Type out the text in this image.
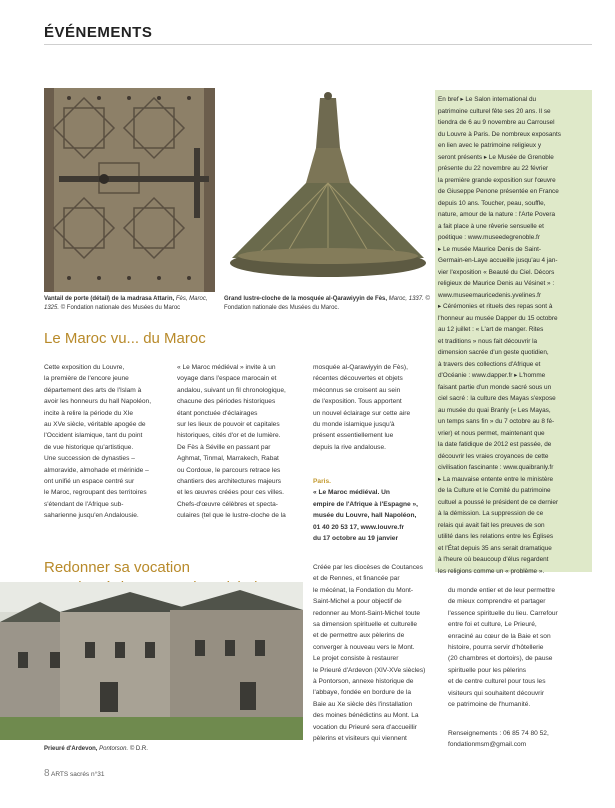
ÉVÉNEMENTS
Vantail de porte (détail) de la madrasa Attarin, Fès, Maroc, 1325. © Fondation nationale des Musées du Maroc
Grand lustre-cloche de la mosquée al-Qarawiyyin de Fès, Maroc, 1337. © Fondation nationale des Musées du Maroc.
Le Maroc vu... du Maroc
Cette exposition du Louvre,
la première de l'encore jeune
département des arts de l'Islam à
avoir les honneurs du hall Napoléon,
incite à relire la période du XIe
au XVe siècle, véritable apogée de
l'Occident islamique, tant du point
de vue historique qu'artistique.
Une succession de dynasties –
almoravide, almohade et mérinide –
ont unifié un espace centré sur
le Maroc, regroupant des territoires
s'étendant de l'Afrique sub-
saharienne jusqu'en Andalousie.
« Le Maroc médiéval » invite à un
voyage dans l'espace marocain et
andalou, suivant un fil chronologique,
chacune des périodes historiques
étant ponctuée d'éclairages
sur les lieux de pouvoir et capitales
historiques, cités d'or et de lumière.
De Fès à Séville en passant par
Aghmat, Tinmal, Marrakech, Rabat
ou Cordoue, le parcours retrace les
chantiers des architectures majeurs
et les œuvres créées pour ces villes.
Chefs-d'œuvre célèbres et specta-
culaires (tel que le lustre-cloche de la
mosquée al-Qarawiyyin de Fès),
récentes découvertes et objets
méconnus se croisent au sein
de l'exposition. Tous apportent
un nouvel éclairage sur cette aire
du monde islamique jusqu'à
présent essentiellement lue
depuis la rive andalouse.
Paris.
« Le Maroc médiéval. Un
empire de l'Afrique à l'Espagne »,
musée du Louvre, hall Napoléon,
01 40 20 53 17, www.louvre.fr
du 17 octobre au 19 janvier
En bref ▸ Le Salon international du
patrimoine culturel fête ses 20 ans. Il se
tiendra de 6 au 9 novembre au Carrousel
du Louvre à Paris. De nombreux exposants
en lien avec le patrimoine religieux y
seront présents ▸ Le Musée de Grenoble
présente du 22 novembre au 22 février
la première grande exposition sur l'œuvre
de Giuseppe Penone présentée en France
depuis 10 ans. Toucher, peau, souffle,
nature, amour de la nature : l'Arte Povera
a fait place à une rêverie sensuelle et
poétique : www.museedegrenoble.fr
▸ Le musée Maurice Denis de Saint-
Germain-en-Laye accueille jusqu'au 4 jan-
vier l'exposition « Beauté du Ciel. Décors
religieux de Maurice Denis au Vésinet » :
www.museemauricedenis.yvelines.fr
▸ Cérémonies et rituels des repas sont à
l'honneur au musée Dapper du 15 octobre
au 12 juillet : « L'art de manger. Rites
et traditions » nous fait découvrir la
dimension sacrée d'un geste quotidien,
à travers des collections d'Afrique et
d'Océanie : www.dapper.fr ▸ L'homme
faisant partie d'un monde sacré sous un
ciel sacré : la culture des Mayas s'expose
au musée du quai Branly (« Les Mayas,
un temps sans fin » du 7 octobre au 8 fé-
vrier) et nous permet, maintenant que
la date fatidique de 2012 est passée, de
découvrir les vraies croyances de cette
civilisation fascinante : www.quaibranly.fr
▸ La mauvaise entente entre le ministère
de la Culture et le Comité du patrimoine
cultuel a poussé le président de ce dernier
à la démission. La suppression de ce
relais qui avait fait les preuves de son
utilité dans les relations entre les Églises
et l'État depuis 35 ans serait dramatique
à l'heure où beaucoup d'élus regardent
les religions comme un « problème ».
Redonner sa vocation
Prieuré d'Ardevon, Pontorson. © D.R.
Créée par les diocèses de Coutances
et de Rennes, et financée par
le mécénat, la Fondation du Mont-
Saint-Michel a pour objectif de
redonner au Mont-Saint-Michel toute
sa dimension spirituelle et culturelle
et de permettre aux pèlerins de
converger à nouveau vers le Mont.
Le projet consiste à restaurer
le Prieuré d'Ardevon (XIV-XVe siècles)
à Pontorson, annexe historique de
l'abbaye, fondée en bordure de la
Baie au Xe siècle dès l'installation
des moines bénédictins au Mont. La
vocation du Prieuré sera d'accueillir
pèlerins et visiteurs qui viennent
du monde entier et de leur permettre
de mieux comprendre et partager
l'essence spirituelle du lieu. Carrefour
entre foi et culture, Le Prieuré,
enraciné au cœur de la Baie et son
histoire, pourra servir d'hôtellerie
(20 chambres et dortoirs), de pause
spirituelle pour les pèlerins
et de centre culturel pour tous les
visiteurs qui souhaitent découvrir
ce patrimoine de l'humanité.
Renseignements : 06 85 74 80 52,
fondationmsm@gmail.com
8 ARTS sacrés n°31
